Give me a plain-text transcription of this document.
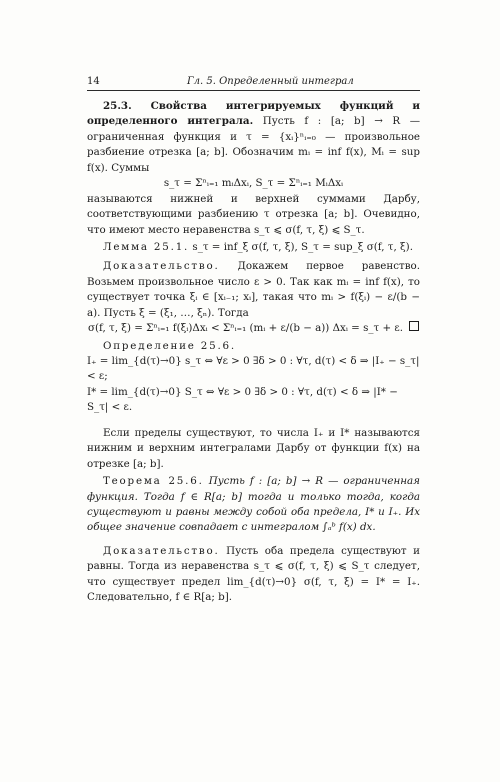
14	Гл. 5. Определенный интеграл

25.3. Свойства интегрируемых функций и определенного интеграла. Пусть f : [a; b] → R — ограниченная функция и τ = {xᵢ}ⁿᵢ₌₀ — произвольное разбиение отрезка [a; b]. Обозначим mᵢ = inf f(x), Mᵢ = sup f(x). Суммы

s_τ = Σⁿᵢ₌₁ mᵢΔxᵢ, S_τ = Σⁿᵢ₌₁ MᵢΔxᵢ

называются нижней и верхней суммами Дарбу, соответствующими разбиению τ отрезка [a; b]. Очевидно, что имеют место неравенства s_τ ⩽ σ(f, τ, ξ) ⩽ S_τ.

Лемма 25.1. s_τ = inf_ξ σ(f, τ, ξ), S_τ = sup_ξ σ(f, τ, ξ).

Доказательство. Докажем первое равенство. Возьмем произвольное число ε > 0. Так как mᵢ = inf f(x), то существует точка ξᵢ ∈ [xᵢ₋₁; xᵢ], такая что mᵢ > f(ξᵢ) − ε/(b − a). Пусть ξ = (ξ₁, …, ξₙ). Тогда

σ(f, τ, ξ) = Σⁿᵢ₌₁ f(ξᵢ)Δxᵢ < Σⁿᵢ₌₁ (mᵢ + ε/(b − a)) Δxᵢ = s_τ + ε.

Определение 25.6.

I₊ = lim_{d(τ)→0} s_τ ⇔ ∀ε > 0 ∃δ > 0 : ∀τ, d(τ) < δ ⇒ |I₊ − s_τ| < ε;

I* = lim_{d(τ)→0} S_τ ⇔ ∀ε > 0 ∃δ > 0 : ∀τ, d(τ) < δ ⇒ |I* − S_τ| < ε.

Если пределы существуют, то числа I₊ и I* называются нижним и верхним интегралами Дарбу от функции f(x) на отрезке [a; b].

Теорема 25.6. Пусть f : [a; b] → R — ограниченная функция. Тогда f ∈ R[a; b] тогда и только тогда, когда существуют и равны между собой оба предела, I* и I₊. Их общее значение совпадает с интегралом ∫ₐᵇ f(x) dx.

Доказательство. Пусть оба предела существуют и равны. Тогда из неравенства s_τ ⩽ σ(f, τ, ξ) ⩽ S_τ следует, что существует предел lim_{d(τ)→0} σ(f, τ, ξ) = I* = I₊. Следовательно, f ∈ R[a; b].
